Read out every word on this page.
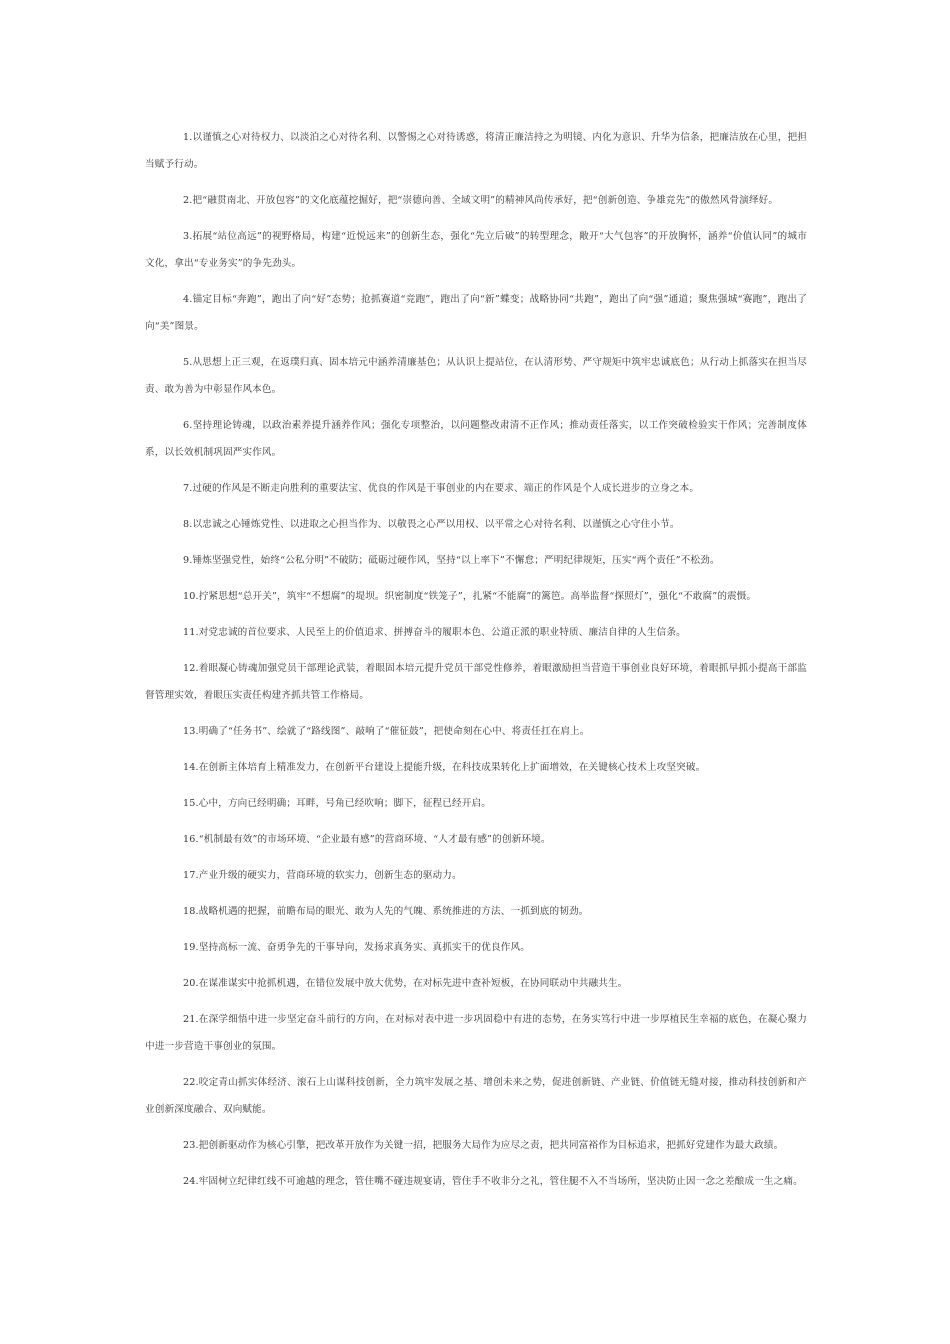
1.以谨慎之心对待权力、以淡泊之心对待名利、以警惕之心对待诱惑，将清正廉洁持之为明镜、内化为意识、升华为信条，把廉洁放在心里，把担当赋予行动。

2.把“融贯南北、开放包容”的文化底蕴挖掘好，把“崇德向善、全域文明”的精神风尚传承好，把“创新创造、争雄竞先”的傲然风骨演绎好。

3.拓展“站位高远”的视野格局，构建“近悦远来”的创新生态，强化“先立后破”的转型理念，敞开“大气包容”的开放胸怀，涵养“价值认同”的城市文化，拿出“专业务实”的争先劲头。

4.锚定目标“奔跑”，跑出了向“好”态势；抢抓赛道“竞跑”，跑出了向“新”蝶变；战略协同“共跑”，跑出了向“强”通道；聚焦强城“赛跑”，跑出了向“美”图景。

5.从思想上正三观，在返璞归真、固本培元中涵养清廉基色；从认识上提站位，在认清形势、严守规矩中筑牢忠诚底色；从行动上抓落实在担当尽责、敢为善为中彰显作风本色。

6.坚持理论铸魂，以政治素养提升涵养作风；强化专项整治，以问题整改肃清不正作风；推动责任落实，以工作突破检验实干作风；完善制度体系，以长效机制巩固严实作风。

7.过硬的作风是不断走向胜利的重要法宝、优良的作风是干事创业的内在要求、端正的作风是个人成长进步的立身之本。

8.以忠诚之心锤炼党性、以进取之心担当作为、以敬畏之心严以用权、以平常之心对待名利、以谨慎之心守住小节。

9.锤炼坚强党性，始终“公私分明”不破防；砥砺过硬作风，坚持“以上率下”不懈怠；严明纪律规矩，压实“两个责任”不松劲。

10.拧紧思想“总开关”，筑牢“不想腐”的堤坝。织密制度“铁笼子”，扎紧“不能腐”的篱笆。高举监督“探照灯”，强化“不敢腐”的震慑。

11.对党忠诚的首位要求、人民至上的价值追求、拼搏奋斗的履职本色、公道正派的职业特质、廉洁自律的人生信条。

12.着眼凝心铸魂加强党员干部理论武装，着眼固本培元提升党员干部党性修养，着眼激励担当营造干事创业良好环境，着眼抓早抓小提高干部监督管理实效，着眼压实责任构建齐抓共管工作格局。

13.明确了“任务书”、绘就了“路线图”、敲响了“催征鼓”，把使命刻在心中、将责任扛在肩上。

14.在创新主体培育上精准发力，在创新平台建设上提能升级，在科技成果转化上扩面增效，在关键核心技术上攻坚突破。

15.心中，方向已经明确；耳畔，号角已经吹响；脚下，征程已经开启。

16.“机制最有效”的市场环境、“企业最有感”的营商环境、“人才最有感”的创新环境。

17.产业升级的硬实力，营商环境的软实力，创新生态的驱动力。

18.战略机遇的把握，前瞻布局的眼光、敢为人先的气魄、系统推进的方法、一抓到底的韧劲。

19.坚持高标一流、奋勇争先的干事导向，发扬求真务实、真抓实干的优良作风。

20.在谋准谋实中抢抓机遇，在错位发展中放大优势，在对标先进中查补短板，在协同联动中共融共生。

21.在深学细悟中进一步坚定奋斗前行的方向，在对标对表中进一步巩固稳中有进的态势，在务实笃行中进一步厚植民生幸福的底色，在凝心聚力中进一步营造干事创业的氛围。

22.咬定青山抓实体经济、滚石上山谋科技创新，全力筑牢发展之基、增创未来之势，促进创新链、产业链、价值链无缝对接，推动科技创新和产业创新深度融合、双向赋能。

23.把创新驱动作为核心引擎，把改革开放作为关键一招，把服务大局作为应尽之责，把共同富裕作为目标追求，把抓好党建作为最大政绩。

24.牢固树立纪律红线不可逾越的理念，管住嘴不碰违规宴请，管住手不收非分之礼，管住腿不入不当场所，坚决防止因一念之差酿成一生之痛。
